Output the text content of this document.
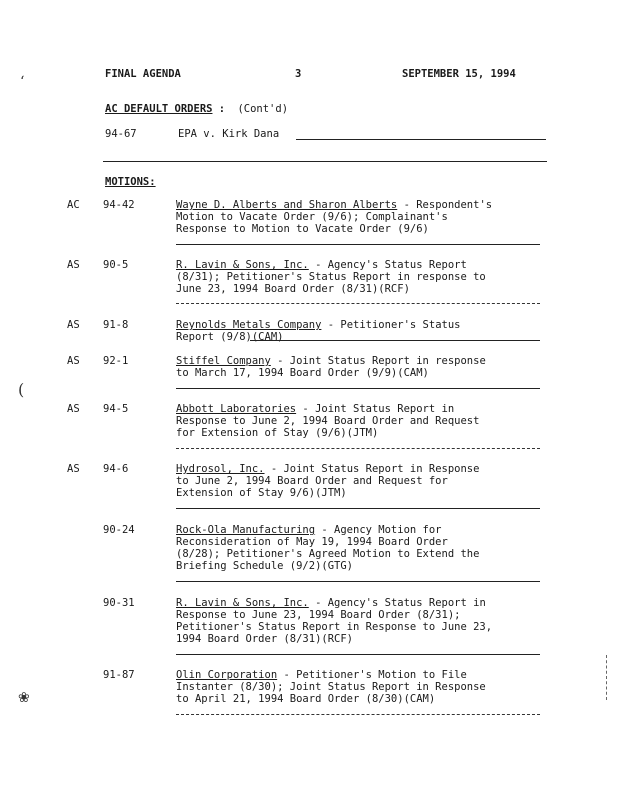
FINAL AGENDA	3	SEPTEMBER 15, 1994
AC DEFAULT ORDERS : (Cont'd)
94-67	EPA v. Kirk Dana
MOTIONS:
AC 94-42	Wayne D. Alberts and Sharon Alberts - Respondent's
Motion to Vacate Order (9/6); Complainant's
Response to Motion to Vacate Order (9/6)
AS 90-5	R. Lavin & Sons, Inc. - Agency's Status Report
(8/31); Petitioner's Status Report in response to
June 23, 1994 Board Order (8/31)(RCF)
AS 91-8	Reynolds Metals Company - Petitioner's Status
Report (9/8)(CAM)
AS 92-1	Stiffel Company - Joint Status Report in response
to March 17, 1994 Board Order (9/9)(CAM)
AS 94-5	Abbott Laboratories - Joint Status Report in
Response to June 2, 1994 Board Order and Request
for Extension of Stay (9/6)(JTM)
AS 94-6	Hydrosol, Inc. - Joint Status Report in Response
to June 2, 1994 Board Order and Request for
Extension of Stay 9/6)(JTM)
90-24	Rock-Ola Manufacturing - Agency Motion for
Reconsideration of May 19, 1994 Board Order
(8/28); Petitioner's Agreed Motion to Extend the
Briefing Schedule (9/2)(GTG)
90-31	R. Lavin & Sons, Inc. - Agency's Status Report in
Response to June 23, 1994 Board Order (8/31);
Petitioner's Status Report in Response to June 23,
1994 Board Order (8/31)(RCF)
91-87	Olin Corporation - Petitioner's Motion to File
Instanter (8/30); Joint Status Report in Response
to April 21, 1994 Board Order (8/30)(CAM)
‘
(
❀
